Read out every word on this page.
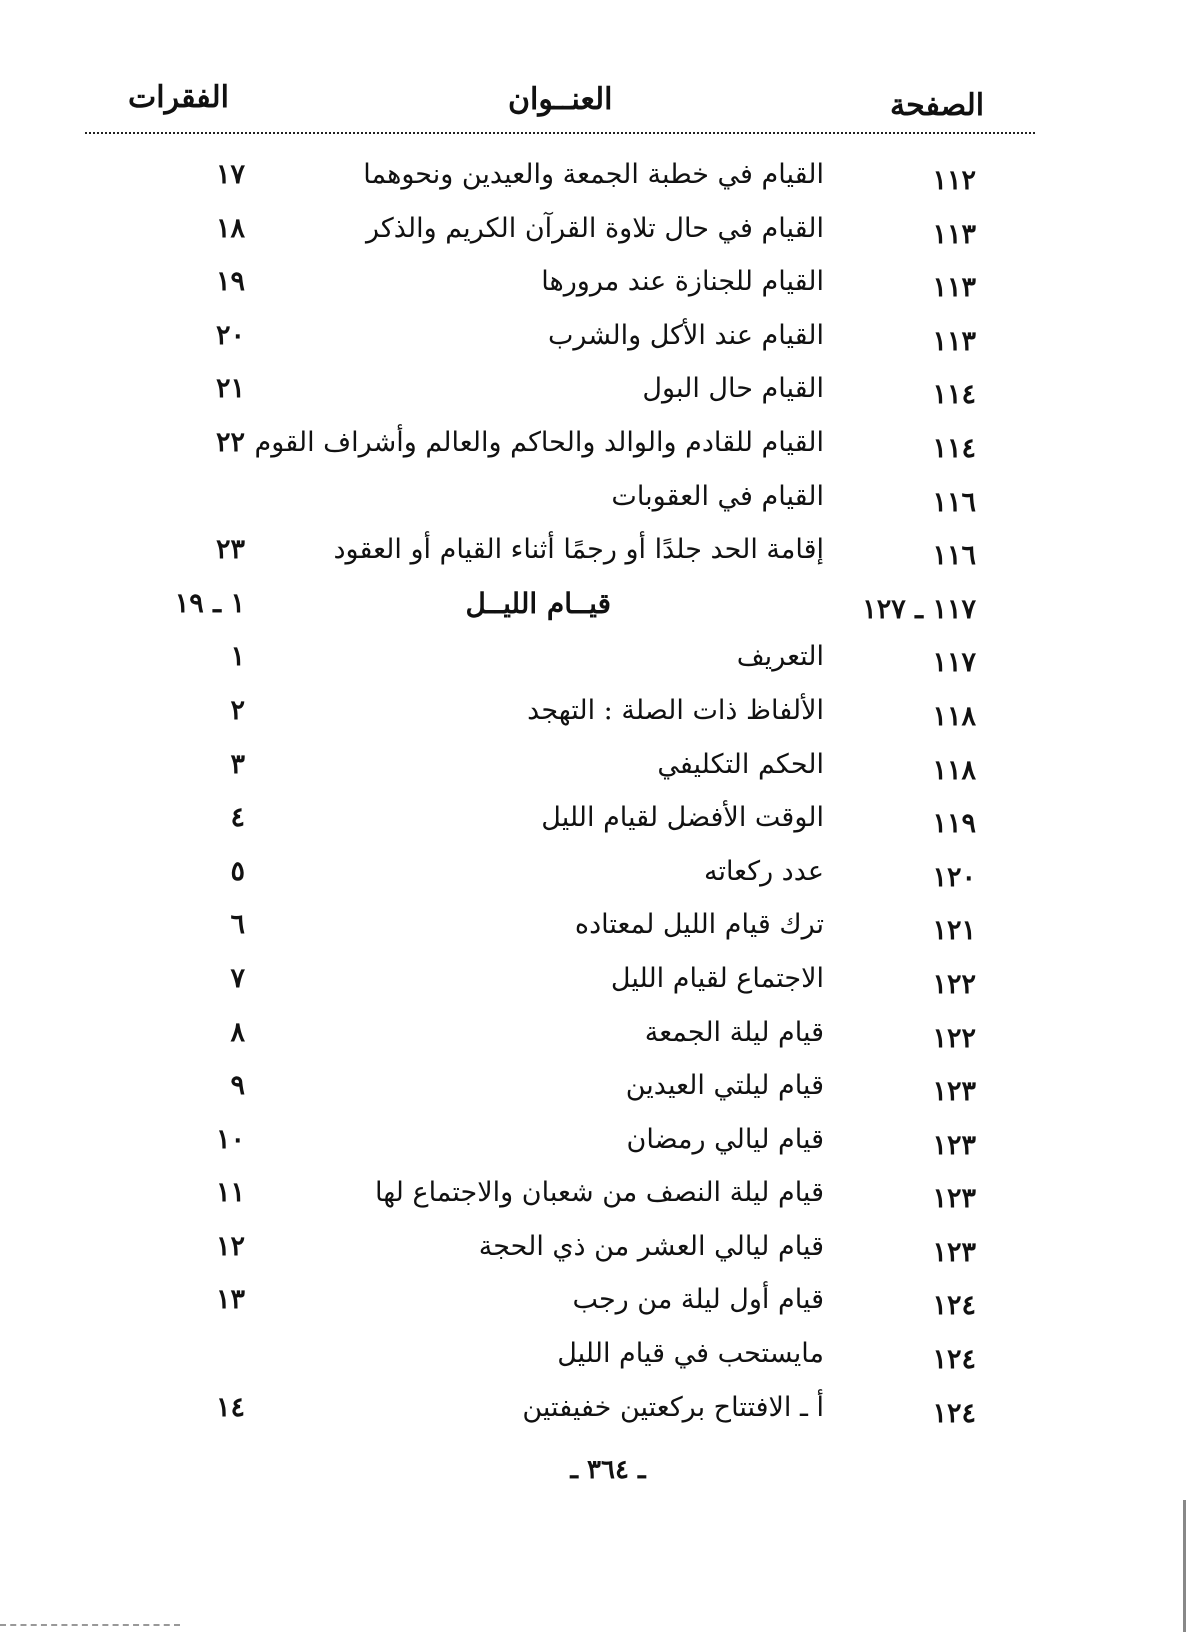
الصفحة
العنــوان
الفقرات
١١٢
القيام في خطبة الجمعة والعيدين ونحوهما
١٧
١١٣
القيام في حال تلاوة القرآن الكريم والذكر
١٨
١١٣
القيام للجنازة عند مرورها
١٩
١١٣
القيام عند الأكل والشرب
٢٠
١١٤
القيام حال البول
٢١
١١٤
القيام للقادم والوالد والحاكم والعالم وأشراف القوم
٢٢
١١٦
القيام في العقوبات
١١٦
إقامة الحد جلدًا أو رجمًا أثناء القيام أو العقود
٢٣
١١٧ ـ ١٢٧
قيــام الليــل
١ ـ ١٩
١١٧
التعريف
١
١١٨
الألفاظ ذات الصلة : التهجد
٢
١١٨
الحكم التكليفي
٣
١١٩
الوقت الأفضل لقيام الليل
٤
١٢٠
عدد ركعاته
٥
١٢١
ترك قيام الليل لمعتاده
٦
١٢٢
الاجتماع لقيام الليل
٧
١٢٢
قيام ليلة الجمعة
٨
١٢٣
قيام ليلتي العيدين
٩
١٢٣
قيام ليالي رمضان
١٠
١٢٣
قيام ليلة النصف من شعبان والاجتماع لها
١١
١٢٣
قيام ليالي العشر من ذي الحجة
١٢
١٢٤
قيام أول ليلة من رجب
١٣
١٢٤
مايستحب في قيام الليل
١٢٤
أ ـ الافتتاح بركعتين خفيفتين
١٤
ـ ٣٦٤ ـ
